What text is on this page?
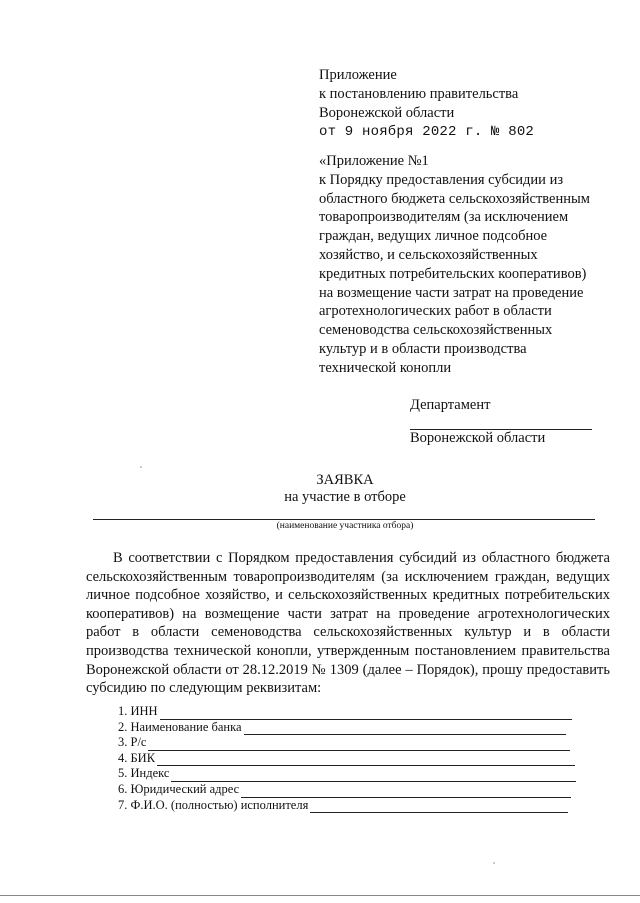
Приложение
к постановлению правительства
Воронежской области
от 9 ноября 2022 г. № 802
«Приложение №1
к Порядку предоставления субсидии из
областного бюджета сельскохозяйственным
товаропроизводителям (за исключением
граждан, ведущих личное подсобное
хозяйство, и сельскохозяйственных
кредитных потребительских кооперативов)
на возмещение части затрат на проведение
агротехнологических работ в области
семеноводства сельскохозяйственных
культур и в области производства
технической конопли
Департамент
Воронежской области
ЗАЯВКА
на участие в отборе
(наименование участника отбора)
В соответствии с Порядком предоставления субсидий из областного бюджета сельскохозяйственным товаропроизводителям (за исключением граждан, ведущих личное подсобное хозяйство, и сельскохозяйственных кредитных потребительских кооперативов) на возмещение части затрат на проведение агротехнологических работ в области семеноводства сельскохозяйственных культур и в области производства технической конопли, утвержденным постановлением правительства Воронежской области от 28.12.2019 № 1309 (далее – Порядок), прошу предоставить субсидию по следующим реквизитам:
1. ИНН
2. Наименование банка
3. Р/с
4. БИК
5. Индекс
6. Юридический адрес
7. Ф.И.О. (полностью) исполнителя
